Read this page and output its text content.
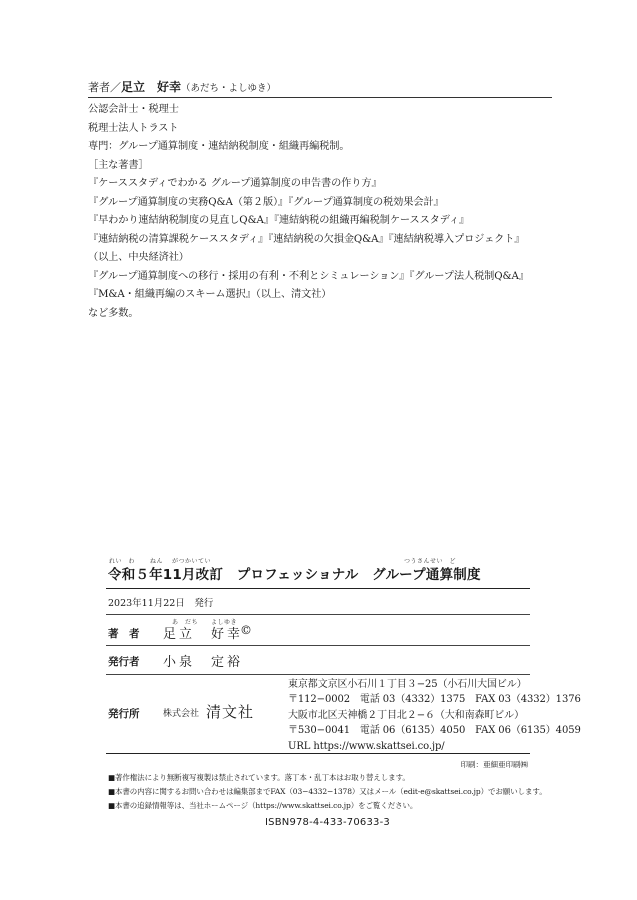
著者／足立　好幸（あだち・よしゆき）
公認会計士・税理士
税理士法人トラスト
専門：グループ通算制度・連結納税制度・組織再編税制。
［主な著書］
『ケーススタディでわかる グループ通算制度の申告書の作り方』
『グループ通算制度の実務Q&A（第２版）』『グループ通算制度の税効果会計』
『早わかり連結納税制度の見直しQ&A』『連結納税の組織再編税制ケーススタディ』
『連結納税の清算課税ケーススタディ』『連結納税の欠損金Q&A』『連結納税導入プロジェクト』
（以上、中央経済社）
『グループ通算制度への移行・採用の有利・不利とシミュレーション』『グループ法人税制Q&A』
『M&A・組織再編のスキーム選択』（以上、清文社）
など多数。
れい　わ ねん がつかいてい	つうさんせい　ど
令和５年11月改訂　プロフェッショナル　グループ通算制度
2023年11月22日　発行
著　者
あ　だち よしゆき
足立　好幸
©
発行者 小泉　定裕
発行所	株式会社 清文社
東京都文京区小石川１丁目３−25（小石川大国ビル）
〒112−0002　電話 03（4332）1375　FAX 03（4332）1376
大阪市北区天神橋２丁目北２−６（大和南森町ビル）
〒530−0041　電話 06（6135）4050　FAX 06（6135）4059
URL https://www.skattsei.co.jp/
印刷：亜細亜印刷㈱
■著作権法により無断複写複製は禁止されています。落丁本・乱丁本はお取り替えします。
■本書の内容に関するお問い合わせは編集部までFAX（03−4332−1378）又はメール（edit-e@skattsei.co.jp）でお願いします。
■本書の追録情報等は、当社ホームページ（https://www.skattsei.co.jp）をご覧ください。
ISBN978-4-433-70633-3
